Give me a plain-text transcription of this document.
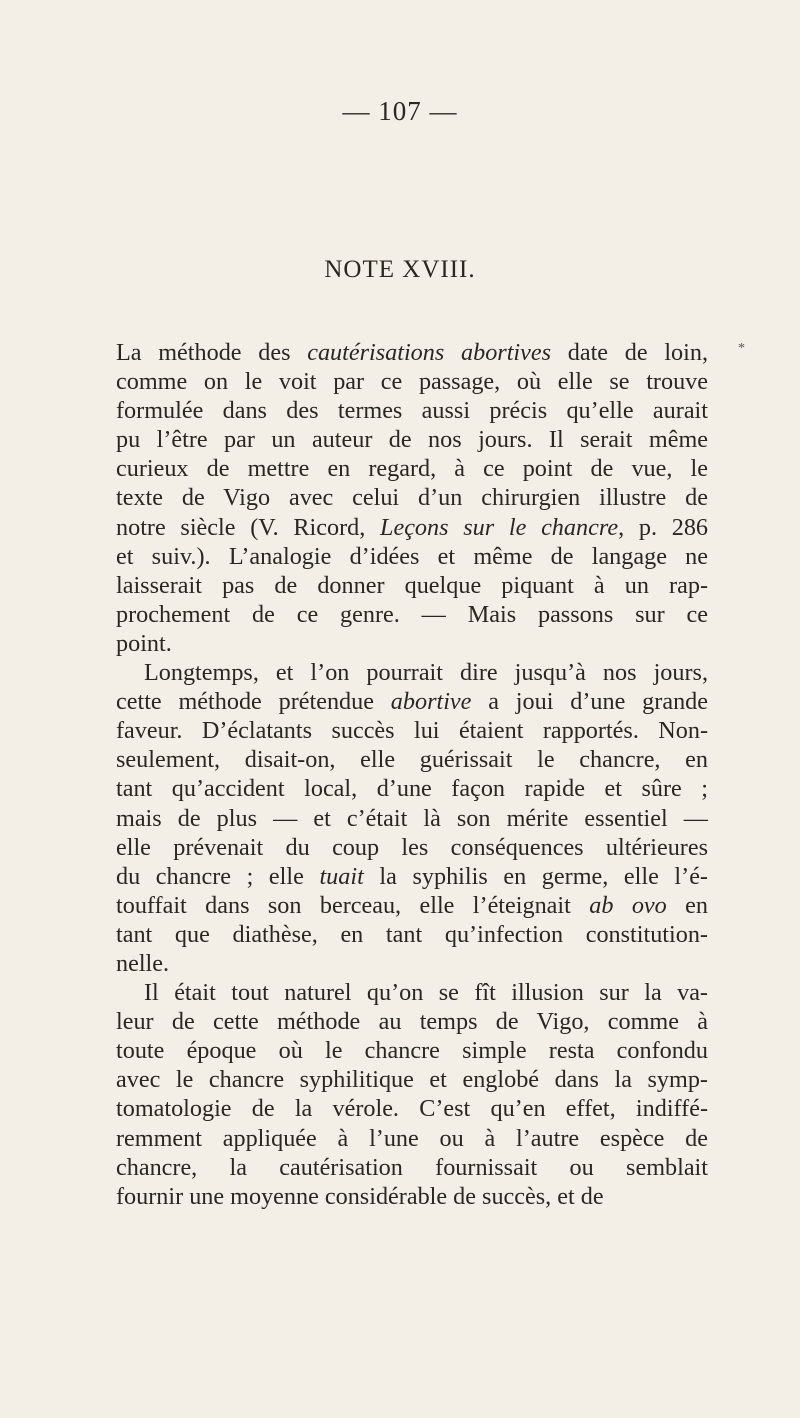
— 107 —
NOTE XVIII.
*
La méthode des cautérisations abortives date de loin,
comme on le voit par ce passage, où elle se trouve
formulée dans des termes aussi précis qu’elle aurait
pu l’être par un auteur de nos jours. Il serait même
curieux de mettre en regard, à ce point de vue, le
texte de Vigo avec celui d’un chirurgien illustre de
notre siècle (V. Ricord, Leçons sur le chancre, p. 286
et suiv.). L’analogie d’idées et même de langage ne
laisserait pas de donner quelque piquant à un rap-
prochement de ce genre. — Mais passons sur ce
point.
Longtemps, et l’on pourrait dire jusqu’à nos jours,
cette méthode prétendue abortive a joui d’une grande
faveur. D’éclatants succès lui étaient rapportés. Non-
seulement, disait-on, elle guérissait le chancre, en
tant qu’accident local, d’une façon rapide et sûre ;
mais de plus — et c’était là son mérite essentiel —
elle prévenait du coup les conséquences ultérieures
du chancre ; elle tuait la syphilis en germe, elle l’é-
touffait dans son berceau, elle l’éteignait ab ovo en
tant que diathèse, en tant qu’infection constitution-
nelle.
Il était tout naturel qu’on se fît illusion sur la va-
leur de cette méthode au temps de Vigo, comme à
toute époque où le chancre simple resta confondu
avec le chancre syphilitique et englobé dans la symp-
tomatologie de la vérole. C’est qu’en effet, indiffé-
remment appliquée à l’une ou à l’autre espèce de
chancre, la cautérisation fournissait ou semblait
fournir une moyenne considérable de succès, et de
